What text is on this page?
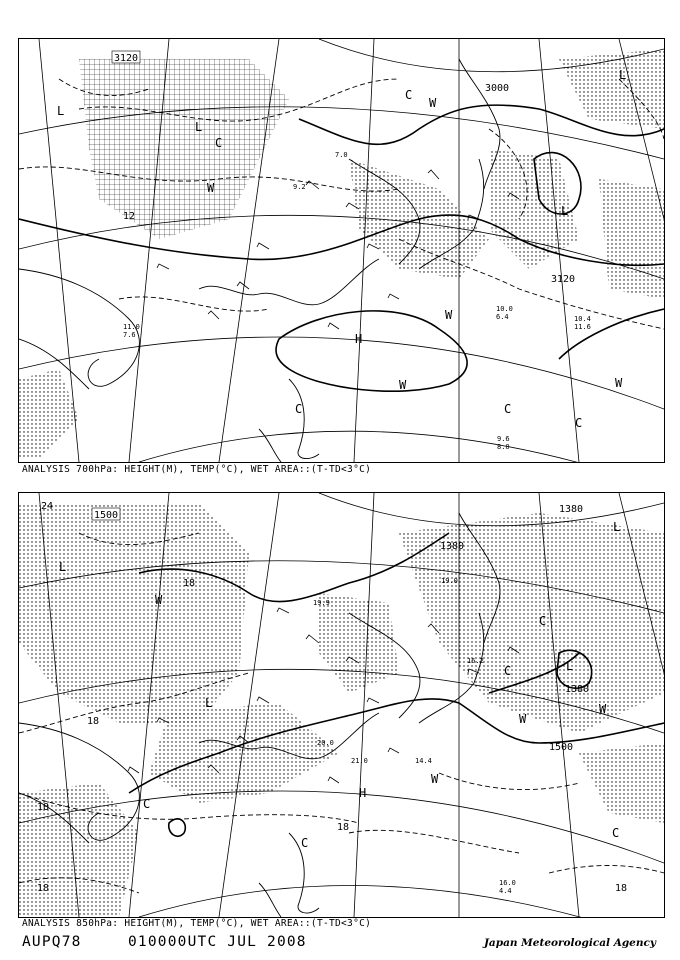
3120
3000
3120
12
L
L
L
L
H
W
W
W
W	W
C
C
C	C
C
9.2
7.0
10.0
6.4	10.4
11.6
11.0
7.6
9.6
8.0
ANALYSIS 700hPa: HEIGHT(M), TEMP(°C), WET AREA::(T-TD<3°C)
1500
1380
1380
1500
1380
24
18
18
18
18
18	18
L
L
L
L
H
W
W
W
W
C
C
C
C
C
19.9
20.0
14.4
16.2
19.0
21.0
16.0
4.4
ANALYSIS 850hPa: HEIGHT(M), TEMP(°C), WET AREA::(T-TD<3°C)
AUPQ78	010000UTC JUL 2008	Japan Meteorological Agency
